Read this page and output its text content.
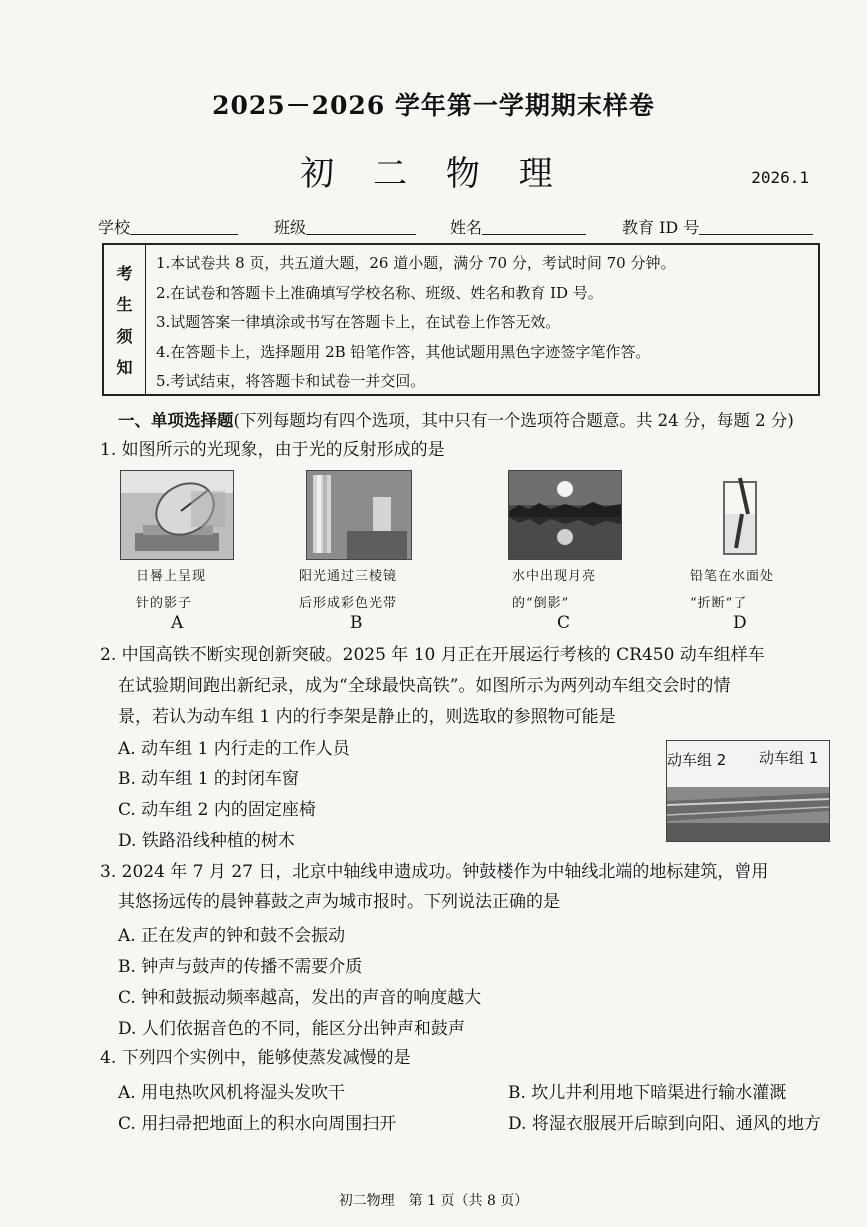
2025－2026 学年第一学期期末样卷
初 二 物 理	2026.1
学校	班级	姓名	教育 ID 号
考
生
须
知
1.本试卷共 8 页，共五道大题，26 道小题，满分 70 分，考试时间 70 分钟。
2.在试卷和答题卡上准确填写学校名称、班级、姓名和教育 ID 号。
3.试题答案一律填涂或书写在答题卡上，在试卷上作答无效。
4.在答题卡上，选择题用 2B 铅笔作答，其他试题用黑色字迹签字笔作答。
5.考试结束，将答题卡和试卷一并交回。
一、单项选择题(下列每题均有四个选项，其中只有一个选项符合题意。共 24 分，每题 2 分)
1. 如图所示的光现象，由于光的反射形成的是
日晷上呈现
针的影子
A
阳光通过三棱镜
后形成彩色光带
B
水中出现月亮
的“倒影”
C
铅笔在水面处
“折断”了
D
2. 中国高铁不断实现创新突破。2025 年 10 月正在开展运行考核的 CR450 动车组样车
在试验期间跑出新纪录，成为“全球最快高铁”。如图所示为两列动车组交会时的情
景，若认为动车组 1 内的行李架是静止的，则选取的参照物可能是
A. 动车组 1 内行走的工作人员
B. 动车组 1 的封闭车窗
C. 动车组 2 内的固定座椅
D. 铁路沿线种植的树木
动车组 2 动车组 1
3. 2024 年 7 月 27 日，北京中轴线申遗成功。钟鼓楼作为中轴线北端的地标建筑，曾用
其悠扬远传的晨钟暮鼓之声为城市报时。下列说法正确的是
A. 正在发声的钟和鼓不会振动
B. 钟声与鼓声的传播不需要介质
C. 钟和鼓振动频率越高，发出的声音的响度越大
D. 人们依据音色的不同，能区分出钟声和鼓声
4. 下列四个实例中，能够使蒸发减慢的是
A. 用电热吹风机将湿头发吹干	B. 坎儿井利用地下暗渠进行输水灌溉
C. 用扫帚把地面上的积水向周围扫开	D. 将湿衣服展开后晾到向阳、通风的地方
初二物理　第 1 页（共 8 页）
